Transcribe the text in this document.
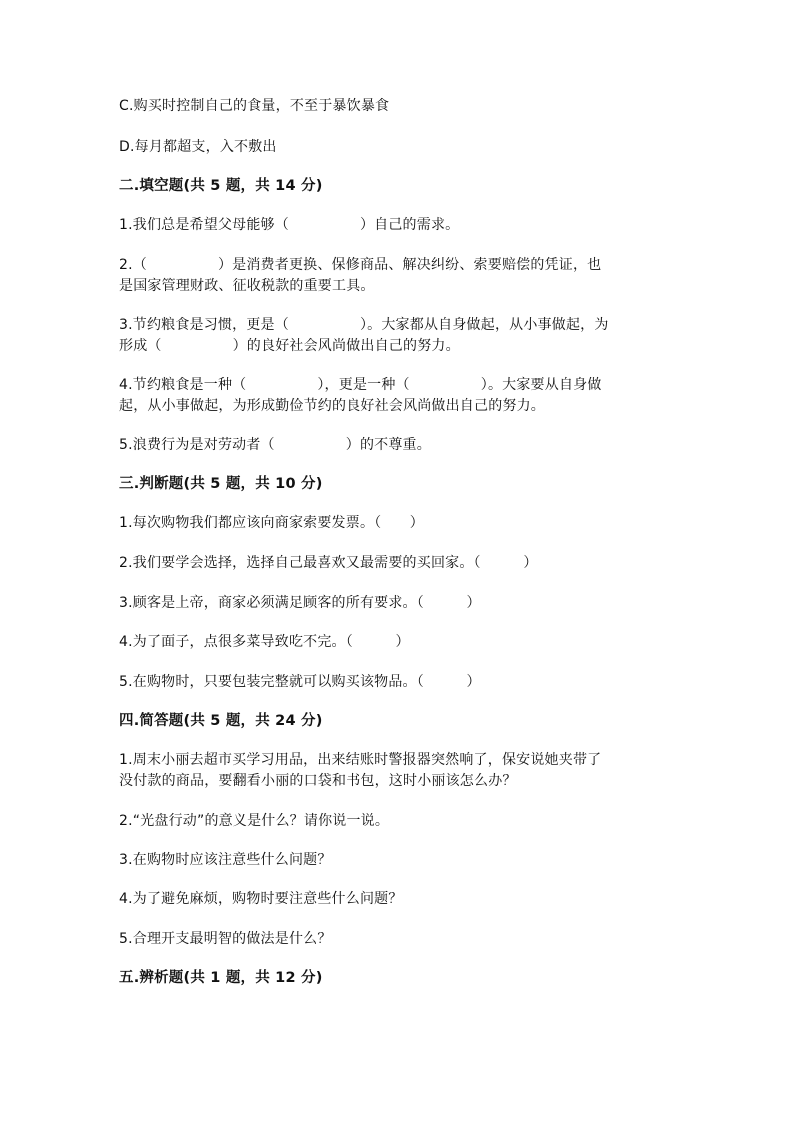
C.购买时控制自己的食量，不至于暴饮暴食
D.每月都超支，入不敷出
二.填空题(共 5 题，共 14 分)
1.我们总是希望父母能够（　　　　　）自己的需求。
2.（　　　　　）是消费者更换、保修商品、解决纠纷、索要赔偿的凭证，也
是国家管理财政、征收税款的重要工具。
3.节约粮食是习惯，更是（　　　　　）。大家都从自身做起，从小事做起，为
形成（　　　　　）的良好社会风尚做出自己的努力。
4.节约粮食是一种（　　　　　），更是一种（　　　　　）。大家要从自身做
起，从小事做起，为形成勤俭节约的良好社会风尚做出自己的努力。
5.浪费行为是对劳动者（　　　　　）的不尊重。
三.判断题(共 5 题，共 10 分)
1.每次购物我们都应该向商家索要发票。（　　）
2.我们要学会选择，选择自己最喜欢又最需要的买回家。（　　　）
3.顾客是上帝，商家必须满足顾客的所有要求。（　　　）
4.为了面子，点很多菜导致吃不完。（　　　）
5.在购物时，只要包装完整就可以购买该物品。（　　　）
四.简答题(共 5 题，共 24 分)
1.周末小丽去超市买学习用品，出来结账时警报器突然响了，保安说她夹带了
没付款的商品，要翻看小丽的口袋和书包，这时小丽该怎么办？
2.“光盘行动”的意义是什么？请你说一说。
3.在购物时应该注意些什么问题？
4.为了避免麻烦，购物时要注意些什么问题？
5.合理开支最明智的做法是什么？
五.辨析题(共 1 题，共 12 分)
